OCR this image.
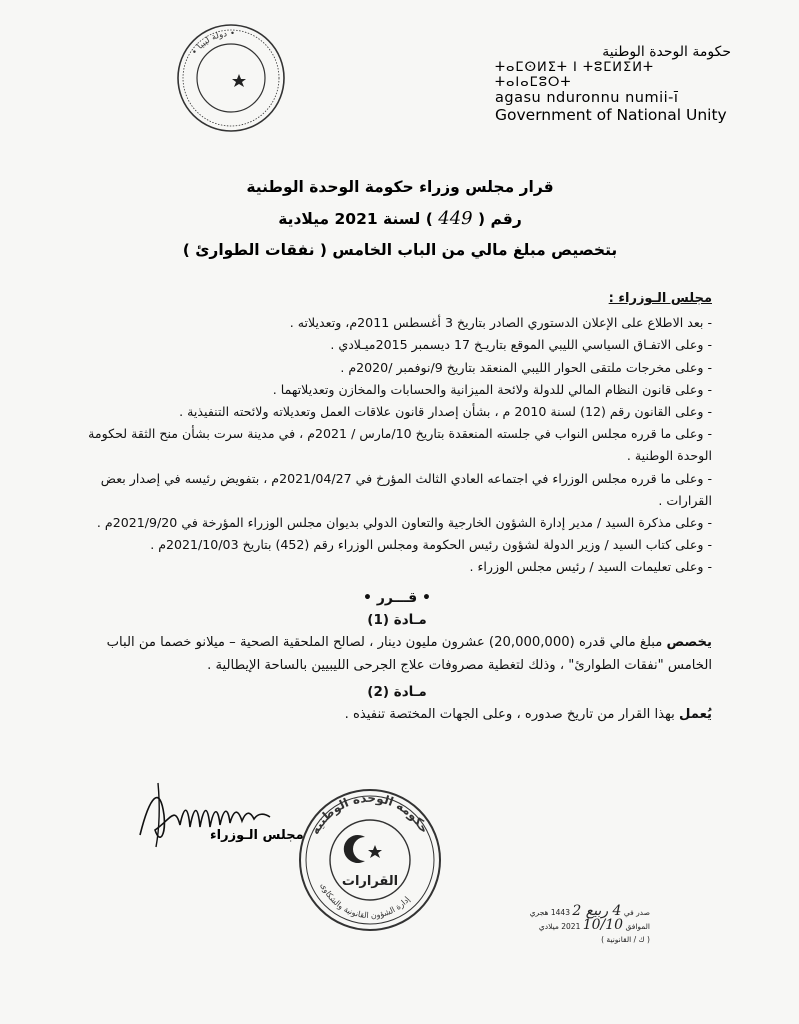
• دولة ليبيا •
حكومة الوحدة الوطنية
ⵜⴰⵎⵙⵍⵉⵜ ⵏ ⵜⵓⵎⵍⵉⵍⵜ ⵜⴰⵏⴰⵎⵓⵔⵜ
agasu nduronnu numii-ī
Government of National Unity
قرار مجلس وزراء حكومة الوحدة الوطنية
رقم ( 449 ) لسنة 2021 ميلادية
بتخصيص مبلغ مالي من الباب الخامس ( نفقات الطوارئ )
مجلس الـوزراء :
- بعد الاطلاع على الإعلان الدستوري الصادر بتاريخ 3 أغسطس 2011م، وتعديلاته .
- وعلى الاتفـاق السياسي الليبي الموقع بتاريـخ 17 ديسمبر 2015ميـلادي .
- وعلى مخرجات ملتقى الحوار الليبي المنعقد بتاريخ 9/نوفمبر /2020م .
- وعلى قانون النظام المالي للدولة ولائحة الميزانية والحسابات والمخازن وتعديلاتهما .
- وعلى القانون رقم (12) لسنة 2010 م ، بشأن إصدار قانون علاقات العمل وتعديلاته ولائحته التنفيذية .
- وعلى ما قرره مجلس النواب في جلسته المنعقدة بتاريخ 10/مارس / 2021م ، في مدينة سرت بشأن منح الثقة لحكومة الوحدة الوطنية .
- وعلى ما قرره مجلس الوزراء في اجتماعه العادي الثالث المؤرخ في 2021/04/27م ، بتفويض رئيسه في إصدار بعض القرارات .
- وعلى مذكرة السيد / مدير إدارة الشؤون الخارجية والتعاون الدولي بديوان مجلس الوزراء المؤرخة في 2021/9/20م .
- وعلى كتاب السيد / وزير الدولة لشؤون رئيس الحكومة ومجلس الوزراء رقم (452) بتاريخ 2021/10/03م .
- وعلى تعليمات السيد / رئيس مجلس الوزراء .
• قـــرر •
مـادة (1)
يخصص مبلغ مالي قدره (20,000,000) عشرون مليون دينار ، لصالح الملحقية الصحية – ميلانو خصما من الباب الخامس "نفقات الطوارئ" ، وذلك لتغطية مصروفات علاج الجرحى الليبيين بالساحة الإيطالية .
مـادة (2)
يُعمل بهذا القرار من تاريخ صدوره ، وعلى الجهات المختصة تنفيذه .
مجلس الـوزراء حكومة الوحدة الوطنية
إدارة الشؤون القانونية والشكاوى
القرارات
صدر في 4 ربيع 2 1443 هجري
الموافق 10/10 2021 ميلادي
( ك / القانونية )
